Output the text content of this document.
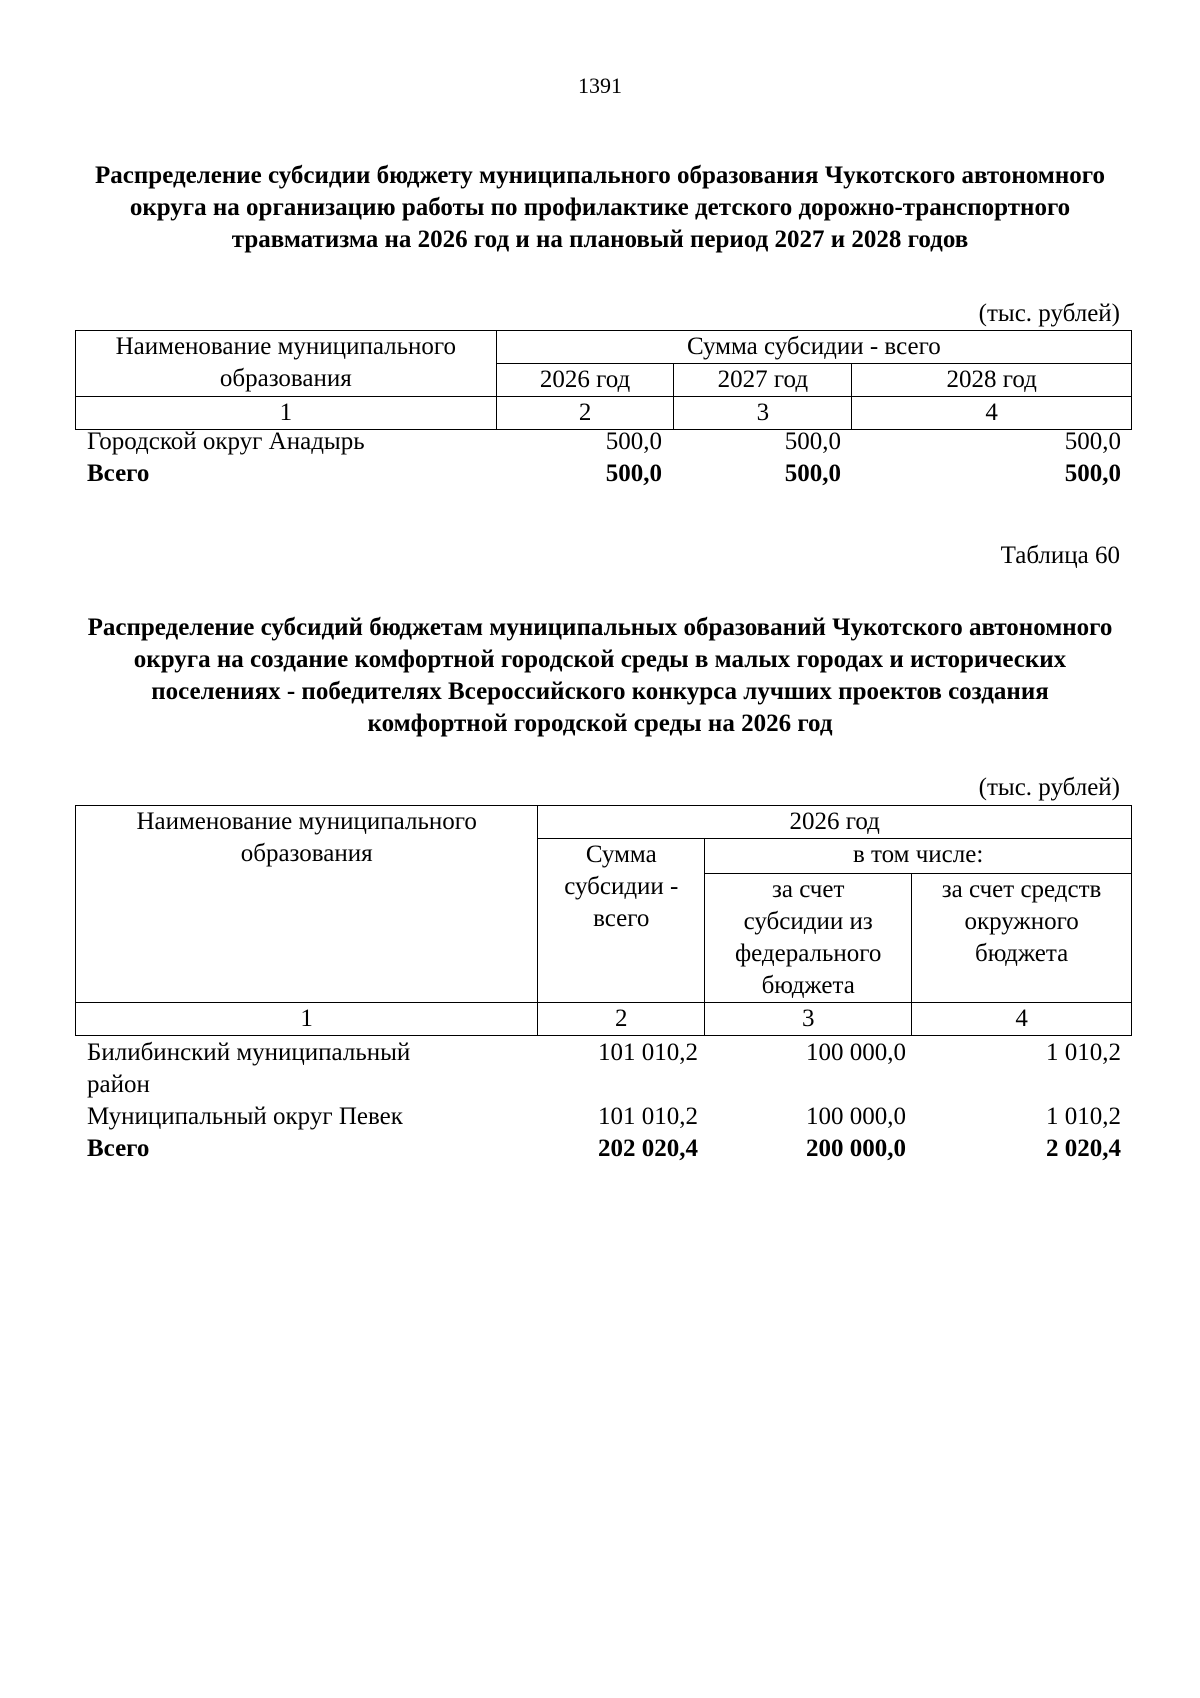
1391
Распределение субсидии бюджету муниципального образования Чукотского автономного округа на организацию работы по профилактике детского дорожно-транспортного травматизма на 2026 год и на плановый период 2027 и 2028 годов
(тыс. рублей)
Наименование муниципального образования	Сумма субсидии - всего		
	2026 год	2027 год	2028 год
1	2	3	4
Городской округ Анадырь	500,0	500,0	500,0
Всего	500,0	500,0	500,0
Таблица 60
Распределение субсидий бюджетам муниципальных образований Чукотского автономного округа на создание комфортной городской среды в малых городах и исторических поселениях - победителях Всероссийского конкурса лучших проектов создания комфортной городской среды на 2026 год
(тыс. рублей)
Наименование муниципального образования	2026 год		
	Сумма субсидии - всего	в том числе:	
		за счет субсидии из федерального бюджета	за счет средств окружного бюджета
1	2	3	4
Билибинский муниципальный	101 010,2	100 000,0	1 010,2
район
Муниципальный округ Певек	101 010,2	100 000,0	1 010,2
Всего	202 020,4	200 000,0	2 020,4
